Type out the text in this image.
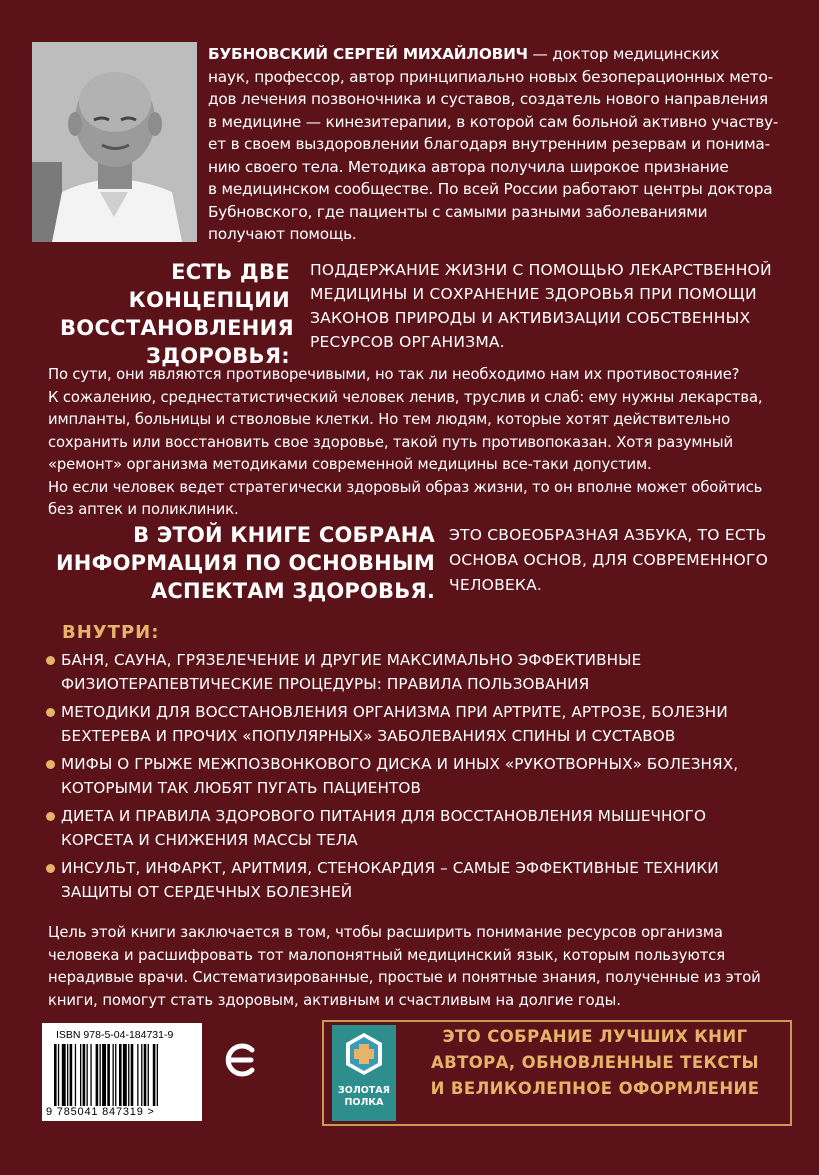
БУБНОВСКИЙ СЕРГЕЙ МИХАЙЛОВИЧ — доктор медицинских
наук, профессор, автор принципиально новых безоперационных мето-
дов лечения позвоночника и суставов, создатель нового направления
в медицине — кинезитерапии, в которой сам больной активно участву-
ет в своем выздоровлении благодаря внутренним резервам и понима-
нию своего тела. Методика автора получила широкое признание
в медицинском сообществе. По всей России работают центры доктора
Бубновского, где пациенты с самыми разными заболеваниями
получают помощь.
ЕСТЬ ДВЕ
КОНЦЕПЦИИ
ВОССТАНОВЛЕНИЯ
ЗДОРОВЬЯ:
ПОДДЕРЖАНИЕ ЖИЗНИ С ПОМОЩЬЮ ЛЕКАРСТВЕННОЙ
МЕДИЦИНЫ И СОХРАНЕНИЕ ЗДОРОВЬЯ ПРИ ПОМОЩИ
ЗАКОНОВ ПРИРОДЫ И АКТИВИЗАЦИИ СОБСТВЕННЫХ
РЕСУРСОВ ОРГАНИЗМА.
По сути, они являются противоречивыми, но так ли необходимо нам их противостояние?
К сожалению, среднестатистический человек ленив, труслив и слаб: ему нужны лекарства,
импланты, больницы и стволовые клетки. Но тем людям, которые хотят действительно
сохранить или восстановить свое здоровье, такой путь противопоказан. Хотя разумный
«ремонт» организма методиками современной медицины все-таки допустим.
Но если человек ведет стратегически здоровый образ жизни, то он вполне может обойтись
без аптек и поликлиник.
В ЭТОЙ КНИГЕ СОБРАНА
ИНФОРМАЦИЯ ПО ОСНОВНЫМ
АСПЕКТАМ ЗДОРОВЬЯ.
ЭТО СВОЕОБРАЗНАЯ АЗБУКА, ТО ЕСТЬ
ОСНОВА ОСНОВ, ДЛЯ СОВРЕМЕННОГО
ЧЕЛОВЕКА.
ВНУТРИ:
БАНЯ, САУНА, ГРЯЗЕЛЕЧЕНИЕ И ДРУГИЕ МАКСИМАЛЬНО ЭФФЕКТИВНЫЕ
ФИЗИОТЕРАПЕВТИЧЕСКИЕ ПРОЦЕДУРЫ: ПРАВИЛА ПОЛЬЗОВАНИЯ
МЕТОДИКИ ДЛЯ ВОССТАНОВЛЕНИЯ ОРГАНИЗМА ПРИ АРТРИТЕ, АРТРОЗЕ, БОЛЕЗНИ
БЕХТЕРЕВА И ПРОЧИХ «ПОПУЛЯРНЫХ» ЗАБОЛЕВАНИЯХ СПИНЫ И СУСТАВОВ
МИФЫ О ГРЫЖЕ МЕЖПОЗВОНКОВОГО ДИСКА И ИНЫХ «РУКОТВОРНЫХ» БОЛЕЗНЯХ,
КОТОРЫМИ ТАК ЛЮБЯТ ПУГАТЬ ПАЦИЕНТОВ
ДИЕТА И ПРАВИЛА ЗДОРОВОГО ПИТАНИЯ ДЛЯ ВОССТАНОВЛЕНИЯ МЫШЕЧНОГО
КОРСЕТА И СНИЖЕНИЯ МАССЫ ТЕЛА
ИНСУЛЬТ, ИНФАРКТ, АРИТМИЯ, СТЕНОКАРДИЯ – САМЫЕ ЭФФЕКТИВНЫЕ ТЕХНИКИ
ЗАЩИТЫ ОТ СЕРДЕЧНЫХ БОЛЕЗНЕЙ
Цель этой книги заключается в том, чтобы расширить понимание ресурсов организма
человека и расшифровать тот малопонятный медицинский язык, которым пользуются
нерадивые врачи. Систематизированные, простые и понятные знания, полученные из этой
книги, помогут стать здоровым, активным и счастливым на долгие годы.
ISBN 978-5-04-184731-9
9 785041 847319 >
ЗОЛОТАЯ
ПОЛКА
ЭТО СОБРАНИЕ ЛУЧШИХ КНИГ
АВТОРА, ОБНОВЛЕННЫЕ ТЕКСТЫ
И ВЕЛИКОЛЕПНОЕ ОФОРМЛЕНИЕ
